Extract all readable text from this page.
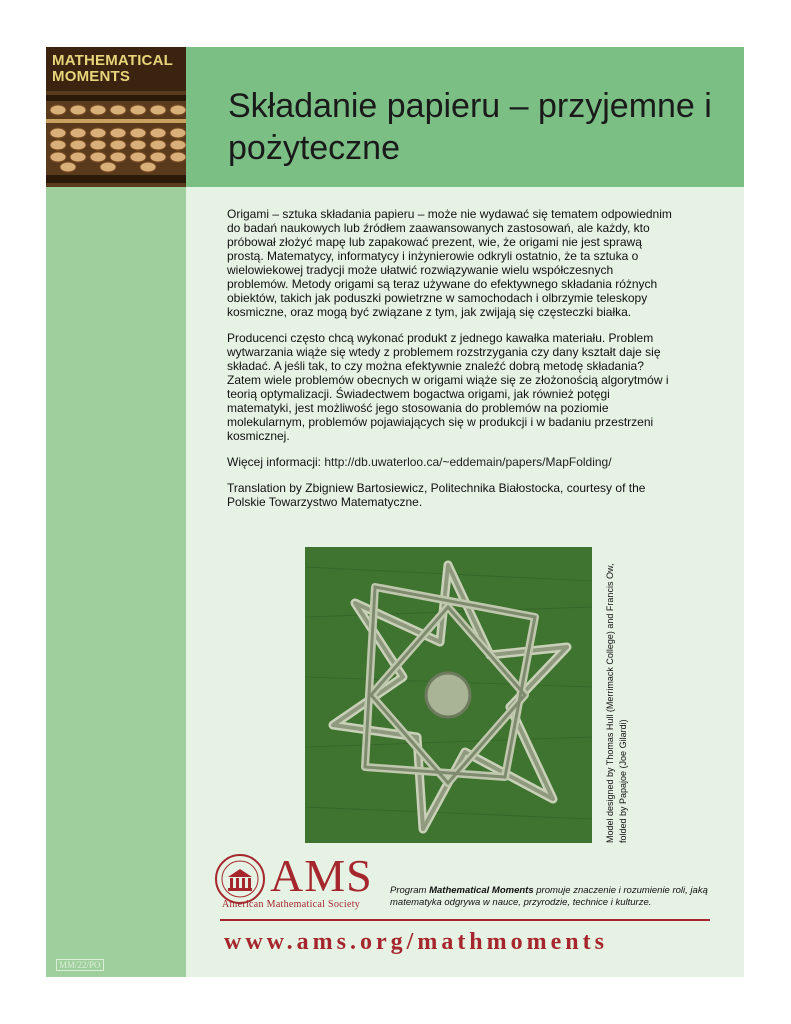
MATHEMATICAL
MOMENTS
Składanie papieru – przyjemne i pożyteczne

Origami – sztuka składania papieru – może nie wydawać się tematem odpowiednim do badań naukowych lub źródłem zaawansowanych zastosowań, ale każdy, kto próbował złożyć mapę lub zapakować prezent, wie, że origami nie jest sprawą prostą. Matematycy, informatycy i inżynierowie odkryli ostatnio, że ta sztuka o wielowiekowej tradycji może ułatwić rozwiązywanie wielu współczesnych problemów. Metody origami są teraz używane do efektywnego składania różnych obiektów, takich jak poduszki powietrzne w samochodach i olbrzymie teleskopy kosmiczne, oraz mogą być związane z tym, jak zwijają się częsteczki białka.

Producenci często chcą wykonać produkt z jednego kawałka materiału. Problem wytwarzania wiąże się wtedy z problemem rozstrzygania czy dany kształt daje się składać. A jeśli tak, to czy można efektywnie znaleźć dobrą metodę składania? Zatem wiele problemów obecnych w origami wiąże się ze złożonością algorytmów i teorią optymalizacji. Świadectwem bogactwa origami, jak również potęgi matematyki, jest możliwość jego stosowania do problemów na poziomie molekularnym, problemów pojawiających się w produkcji i w badaniu przestrzeni kosmicznej.

Więcej informacji: http://db.uwaterloo.ca/~eddemain/papers/MapFolding/

Translation by Zbigniew Bartosiewicz, Politechnika Białostocka, courtesy of the Polskie Towarzystwo Matematyczne.

Model designed by Thomas Hull (Merrimack College) and Francis Ow, folded by Papajoe (Joe Gilardi)
AMS
American Mathematical Society
Program Mathematical Moments promuje znaczenie i rozumienie roli, jaką matematyka odgrywa w nauce, przyrodzie, technice i kulturze.
www.ams.org/mathmoments
MM/22/PO
